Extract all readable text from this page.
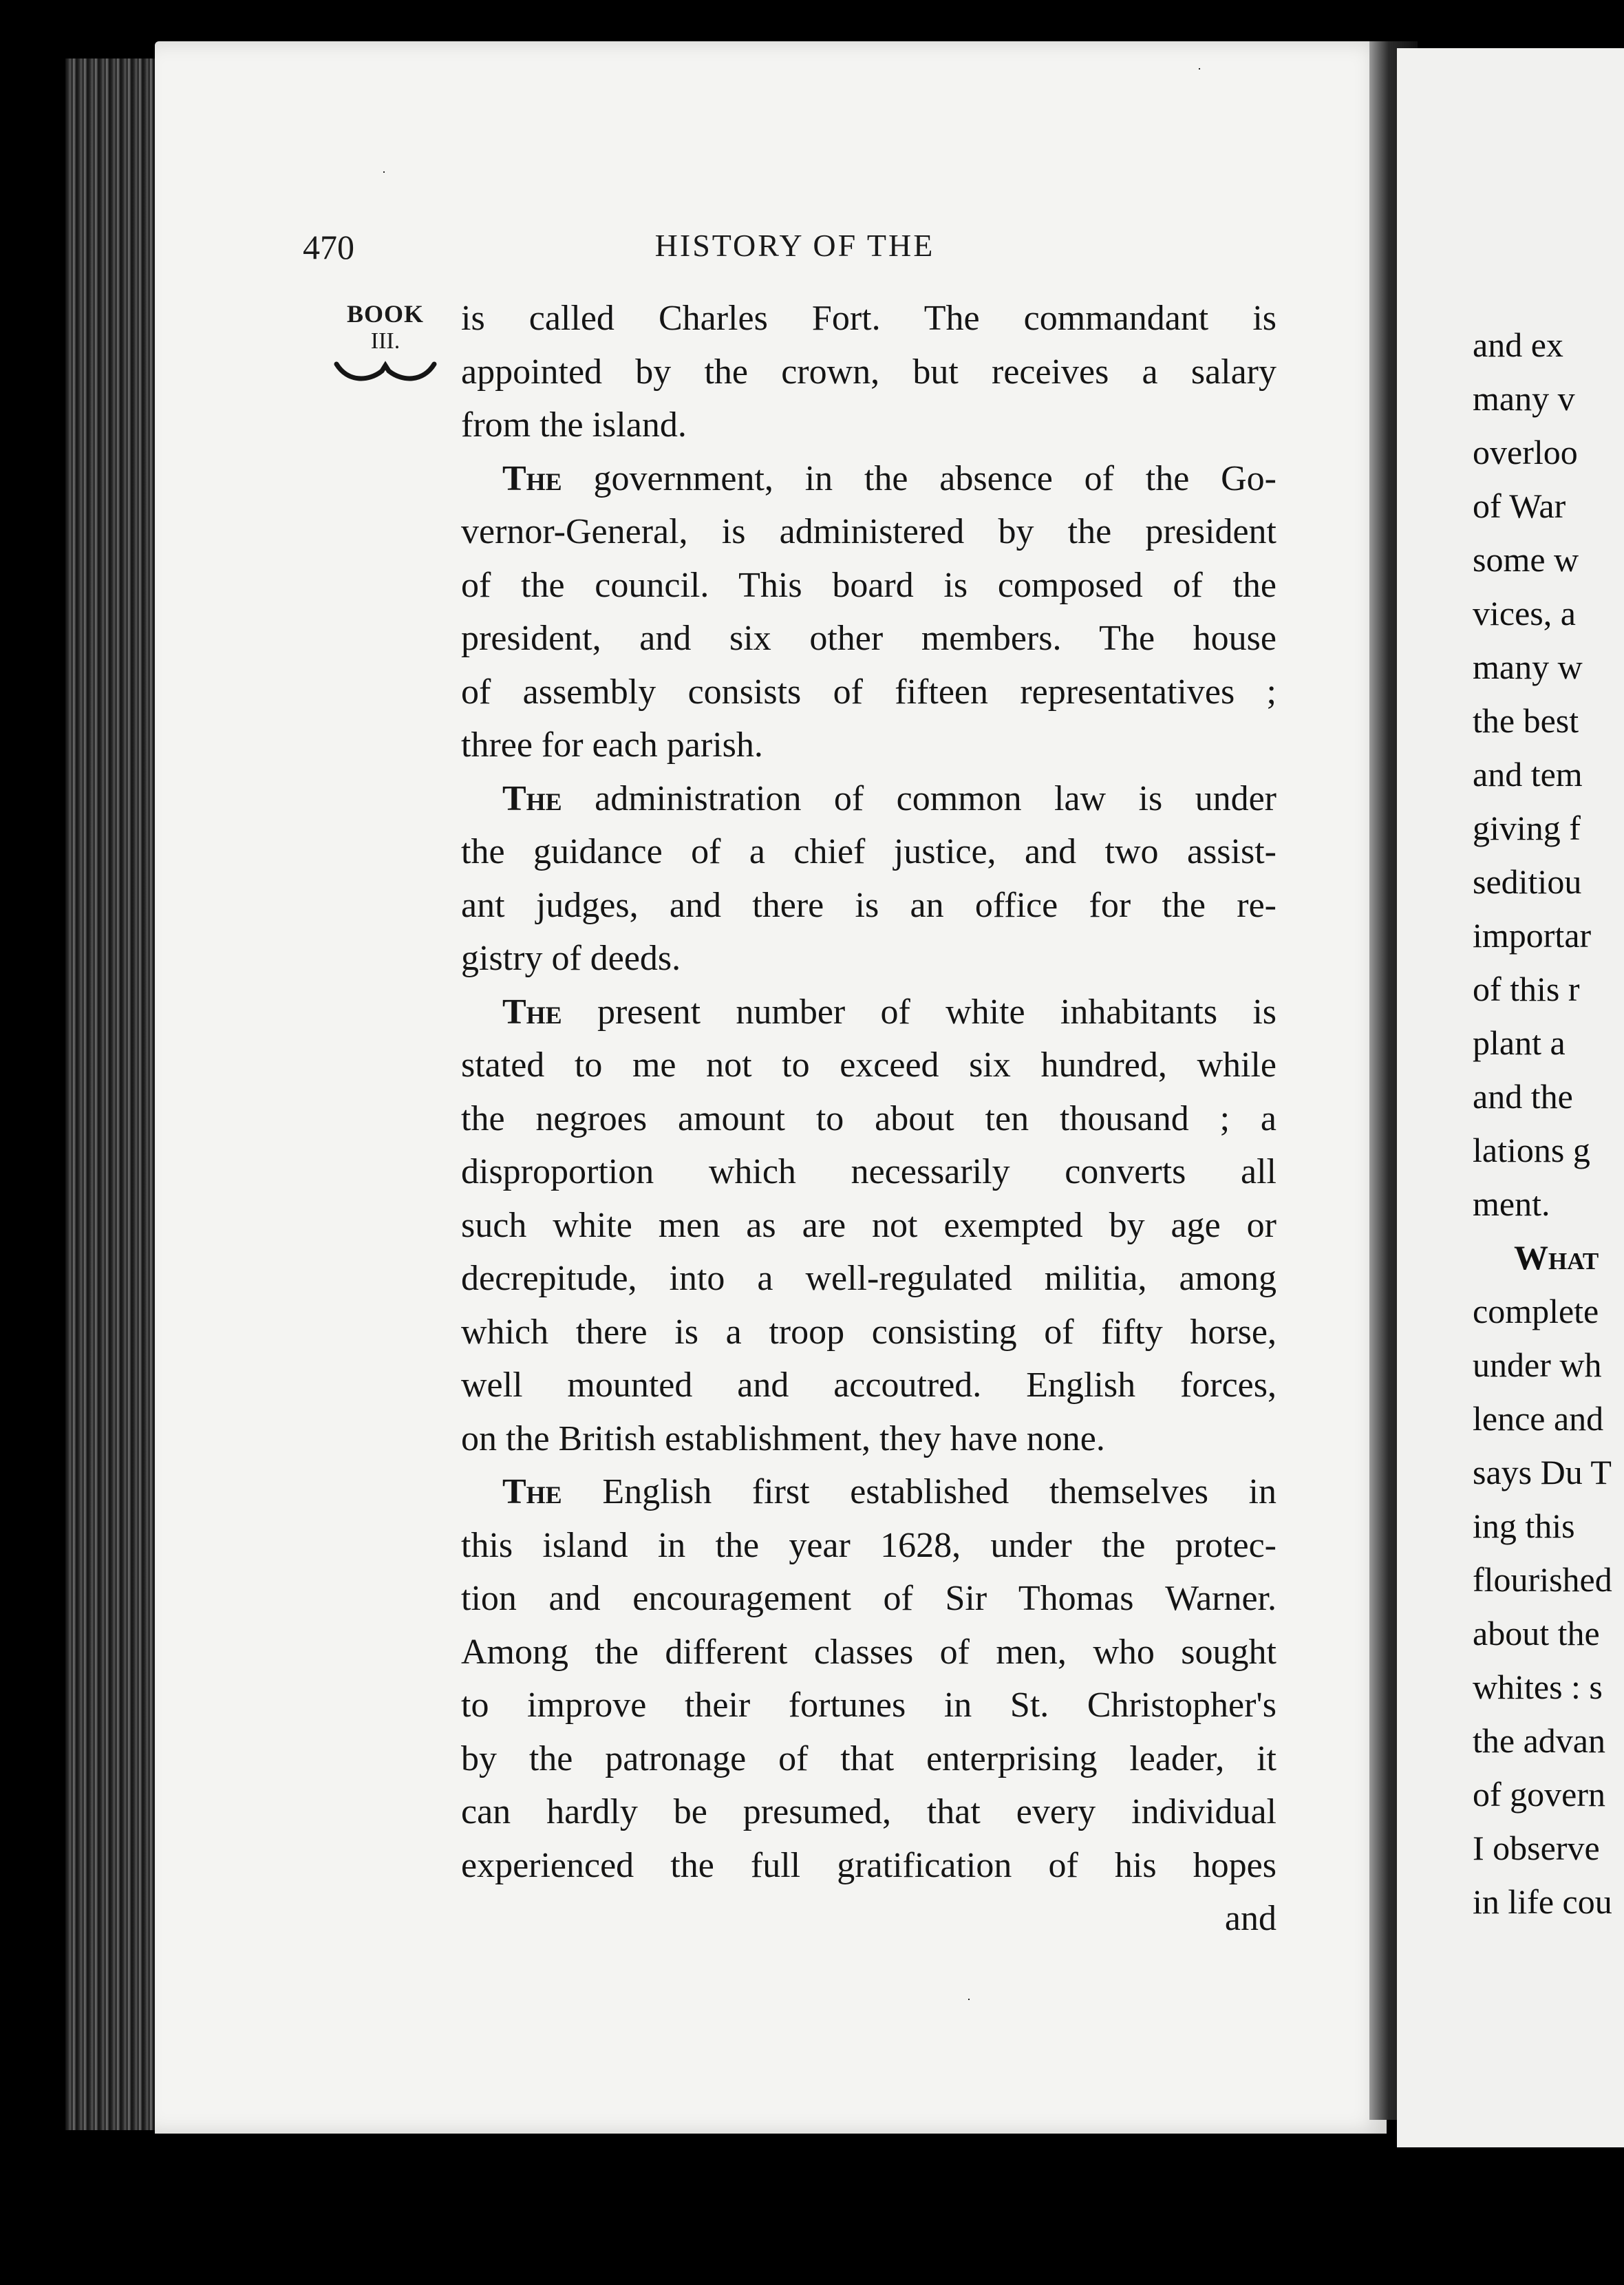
470	HISTORY OF THE
BOOK
III.
is called Charles Fort. The commandant is
appointed by the crown, but receives a salary
from the island.
The government, in the absence of the Go-
vernor-General, is administered by the president
of the council. This board is composed of the
president, and six other members. The house
of assembly consists of fifteen representatives ;
three for each parish.
The administration of common law is under
the guidance of a chief justice, and two assist-
ant judges, and there is an office for the re-
gistry of deeds.
The present number of white inhabitants is
stated to me not to exceed six hundred, while
the negroes amount to about ten thousand ; a
disproportion which necessarily converts all
such white men as are not exempted by age or
decrepitude, into a well-regulated militia, among
which there is a troop consisting of fifty horse,
well mounted and accoutred. English forces,
on the British establishment, they have none.
The English first established themselves in
this island in the year 1628, under the protec-
tion and encouragement of Sir Thomas Warner.
Among the different classes of men, who sought
to improve their fortunes in St. Christopher's
by the patronage of that enterprising leader, it
can hardly be presumed, that every individual
experienced the full gratification of his hopes
and
and ex
many v
overloo
of War
some w
vices, a
many w
the best
and tem
giving f
seditiou
importar
of this r
plant a
and the
lations g
ment.
What
complete
under wh
lence and
says Du T
ing this
flourished
about the
whites : s
the advan
of govern
I observe
in life cou
·
·
·
